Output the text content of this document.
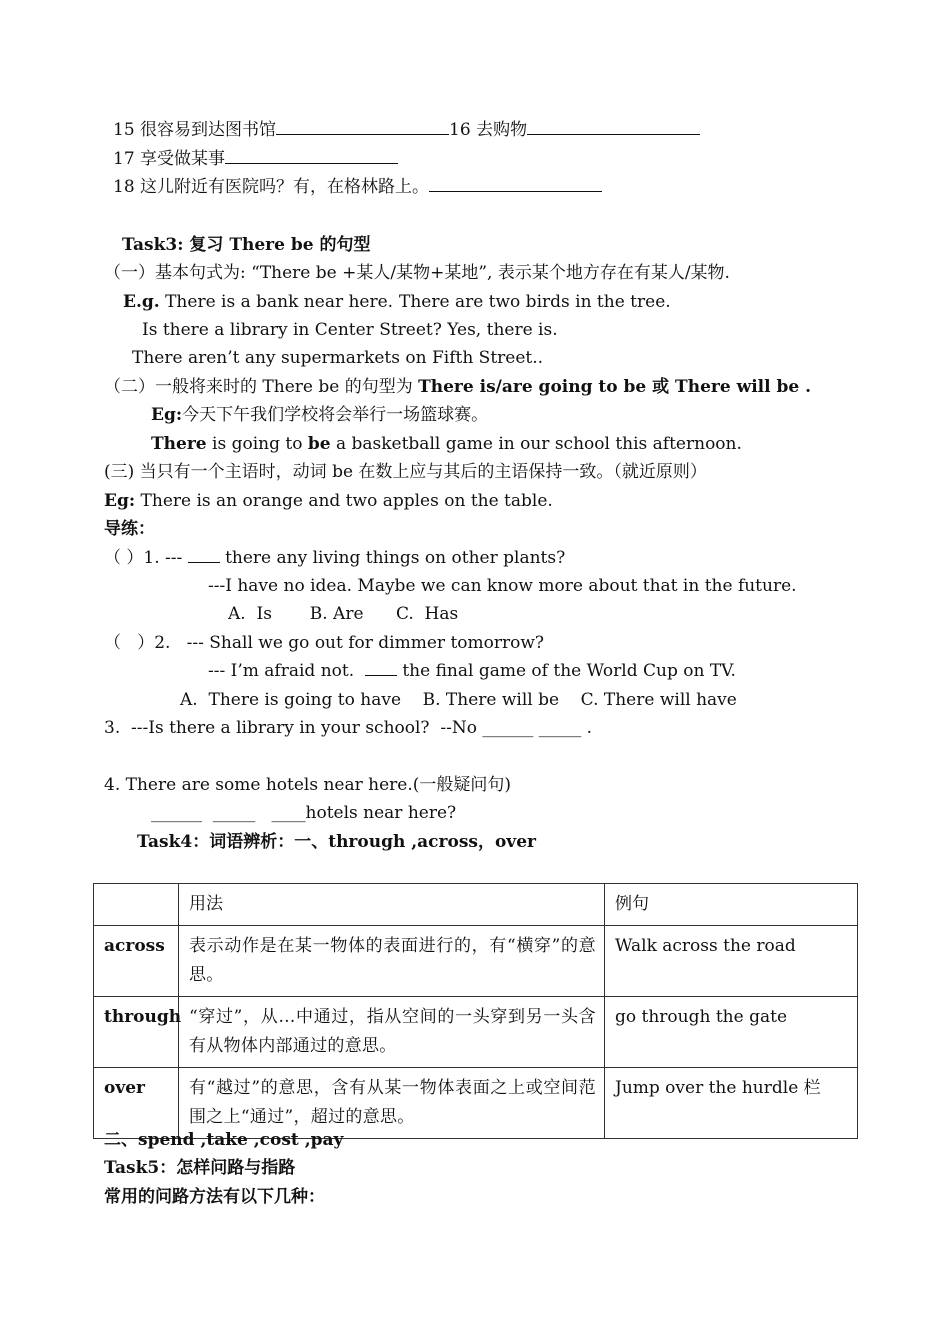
15 很容易到达图书馆	16 去购物
17 享受做某事
18 这儿附近有医院吗？有，在格林路上。
Task3: 复习 There be 的句型
（一）基本句式为: “There be +某人/某物+某地”, 表示某个地方存在有某人/某物.
E.g. There is a bank near here. There are two birds in the tree.
Is there a library in Center Street? Yes, there is.
There aren’t any supermarkets on Fifth Street..
（二）一般将来时的 There be 的句型为 There is/are going to be 或 There will be .
Eg:今天下午我们学校将会举行一场篮球赛。
There is going to be a basketball game in our school this afternoon.
(三) 当只有一个主语时，动词 be 在数上应与其后的主语保持一致。（就近原则）
Eg: There is an orange and two apples on the table.
导练：
（ ）1. ---  there any living things on other plants?
---I have no idea. Maybe we can know more about that in the future.
A.  Is       B. Are      C.  Has
（   ）2.   --- Shall we go out for dimmer tomorrow?
--- I’m afraid not.   the final game of the World Cup on TV.
A.  There is going to have    B. There will be    C. There will have
3.  ---Is there a library in your school?  --No ______ _____ .
4. There are some hotels near here.(一般疑问句)
______  _____   ____hotels near here?
Task4：词语辨析：一、through ,across，over
	用法	例句
across	表示动作是在某一物体的表面进行的，有“横穿”的意思。	Walk across the road
through	“穿过”，从…中通过，指从空间的一头穿到另一头含有从物体内部通过的意思。	go through the gate
over	有“越过”的意思，含有从某一物体表面之上或空间范围之上“通过”，超过的意思。	Jump over the hurdle 栏
二、spend ,take ,cost ,pay
Task5：怎样问路与指路
常用的问路方法有以下几种：
